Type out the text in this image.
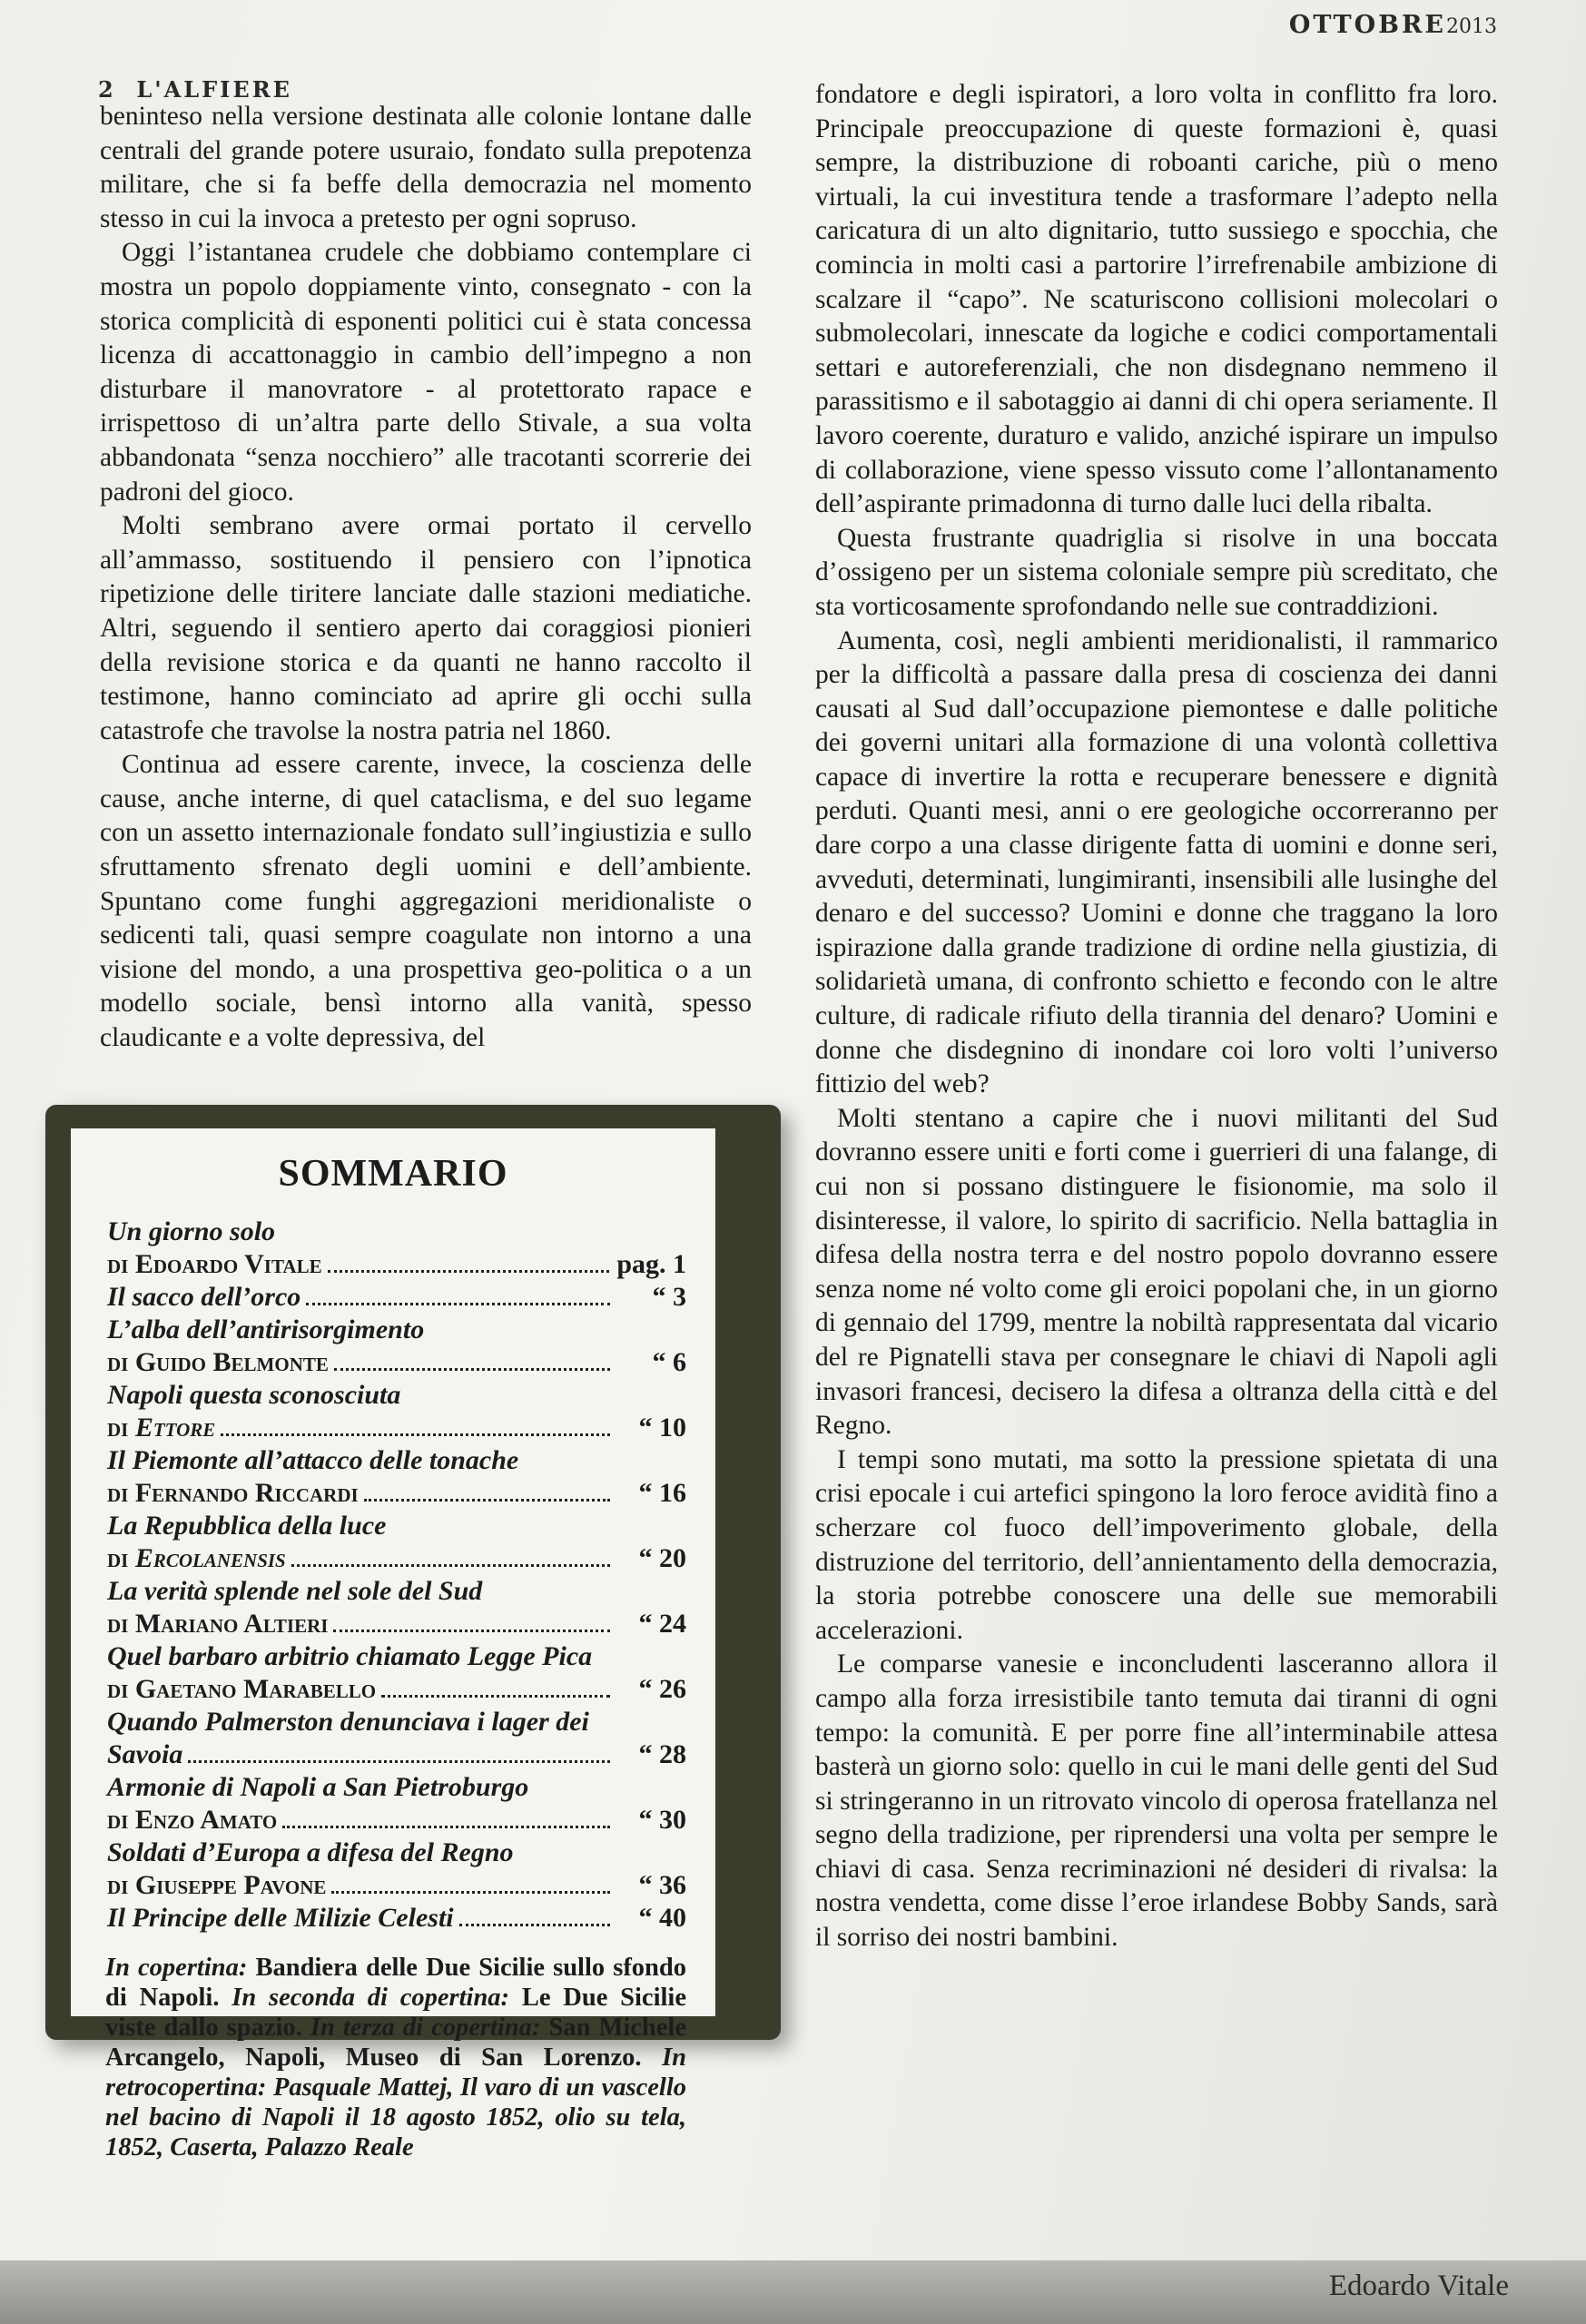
OTTOBRE2013
2 L'ALFIERE

beninteso nella versione destinata alle colonie lontane dalle centrali del grande potere usuraio, fondato sulla prepotenza militare, che si fa beffe della democrazia nel momento stesso in cui la invoca a pretesto per ogni sopruso.

Oggi l’istantanea crudele che dobbiamo contemplare ci mostra un popolo doppiamente vinto, consegnato - con la storica complicità di esponenti politici cui è stata concessa licenza di accattonaggio in cambio dell’impegno a non disturbare il manovratore - al protettorato rapace e irrispettoso di un’altra parte dello Stivale, a sua volta abbandonata “senza nocchiero” alle tracotanti scorrerie dei padroni del gioco.

Molti sembrano avere ormai portato il cervello all’ammasso, sostituendo il pensiero con l’ipnotica ripetizione delle tiritere lanciate dalle stazioni mediatiche. Altri, seguendo il sentiero aperto dai coraggiosi pionieri della revisione storica e da quanti ne hanno raccolto il testimone, hanno cominciato ad aprire gli occhi sulla catastrofe che travolse la nostra patria nel 1860.

Continua ad essere carente, invece, la coscienza delle cause, anche interne, di quel cataclisma, e del suo legame con un assetto internazionale fondato sull’ingiustizia e sullo sfruttamento sfrenato degli uomini e dell’ambiente. Spuntano come funghi aggregazioni meridionaliste o sedicenti tali, quasi sempre coagulate non intorno a una visione del mondo, a una prospettiva geo-politica o a un modello sociale, bensì intorno alla vanità, spesso claudicante e a volte depressiva, del

fondatore e degli ispiratori, a loro volta in conflitto fra loro. Principale preoccupazione di queste formazioni è, quasi sempre, la distribuzione di roboanti cariche, più o meno virtuali, la cui investitura tende a trasformare l’adepto nella caricatura di un alto dignitario, tutto sussiego e spocchia, che comincia in molti casi a partorire l’irrefrenabile ambizione di scalzare il “capo”. Ne scaturiscono collisioni molecolari o submolecolari, innescate da logiche e codici comportamentali settari e autoreferenziali, che non disdegnano nemmeno il parassitismo e il sabotaggio ai danni di chi opera seriamente. Il lavoro coerente, duraturo e valido, anziché ispirare un impulso di collaborazione, viene spesso vissuto come l’allontanamento dell’aspirante primadonna di turno dalle luci della ribalta.

Questa frustrante quadriglia si risolve in una boccata d’ossigeno per un sistema coloniale sempre più screditato, che sta vorticosamente sprofondando nelle sue contraddizioni.

Aumenta, così, negli ambienti meridionalisti, il rammarico per la difficoltà a passare dalla presa di coscienza dei danni causati al Sud dall’occupazione piemontese e dalle politiche dei governi unitari alla formazione di una volontà collettiva capace di invertire la rotta e recuperare benessere e dignità perduti. Quanti mesi, anni o ere geologiche occorreranno per dare corpo a una classe dirigente fatta di uomini e donne seri, avveduti, determinati, lungimiranti, insensibili alle lusinghe del denaro e del successo? Uomini e donne che traggano la loro ispirazione dalla grande tradizione di ordine nella giustizia, di solidarietà umana, di confronto schietto e fecondo con le altre culture, di radicale rifiuto della tirannia del denaro? Uomini e donne che disdegnino di inondare coi loro volti l’universo fittizio del web?

Molti stentano a capire che i nuovi militanti del Sud dovranno essere uniti e forti come i guerrieri di una falange, di cui non si possano distinguere le fisionomie, ma solo il disinteresse, il valore, lo spirito di sacrificio. Nella battaglia in difesa della nostra terra e del nostro popolo dovranno essere senza nome né volto come gli eroici popolani che, in un giorno di gennaio del 1799, mentre la nobiltà rappresentata dal vicario del re Pignatelli stava per consegnare le chiavi di Napoli agli invasori francesi, decisero la difesa a oltranza della città e del Regno.

I tempi sono mutati, ma sotto la pressione spietata di una crisi epocale i cui artefici spingono la loro feroce avidità fino a scherzare col fuoco dell’impoverimento globale, della distruzione del territorio, dell’annientamento della democrazia, la storia potrebbe conoscere una delle sue memorabili accelerazioni.

Le comparse vanesie e inconcludenti lasceranno allora il campo alla forza irresistibile tanto temuta dai tiranni di ogni tempo: la comunità. E per porre fine all’interminabile attesa basterà un giorno solo: quello in cui le mani delle genti del Sud si stringeranno in un ritrovato vincolo di operosa fratellanza nel segno della tradizione, per riprendersi una volta per sempre le chiavi di casa. Senza recriminazioni né desideri di rivalsa: la nostra vendetta, come disse l’eroe irlandese Bobby Sands, sarà il sorriso dei nostri bambini.

Edoardo Vitale
SOMMARIO
Un giorno solo
di Edoardo Vitale	pag. 1
Il sacco dell’orco	“ 3
L’alba dell’antirisorgimento
di Guido Belmonte	“ 6
Napoli questa sconosciuta
di Ettore	“ 10
Il Piemonte all’attacco delle tonache
di Fernando Riccardi	“ 16
La Repubblica della luce
di Ercolanensis	“ 20
La verità splende nel sole del Sud
di Mariano Altieri	“ 24
Quel barbaro arbitrio chiamato Legge Pica
di Gaetano Marabello	“ 26
Quando Palmerston denunciava i lager dei
Savoia	“ 28
Armonie di Napoli a San Pietroburgo
di Enzo Amato	“ 30
Soldati d’Europa a difesa del Regno
di Giuseppe Pavone	“ 36
Il Principe delle Milizie Celesti	“ 40
In copertina: Bandiera delle Due Sicilie sullo sfondo di Napoli. In seconda di copertina: Le Due Sicilie viste dallo spazio. In terza di copertina: San Michele Arcangelo, Napoli, Museo di San Lorenzo. In retrocopertina: Pasquale Mattej, Il varo di un vascello nel bacino di Napoli il 18 agosto 1852, olio su tela, 1852, Caserta, Palazzo Reale
